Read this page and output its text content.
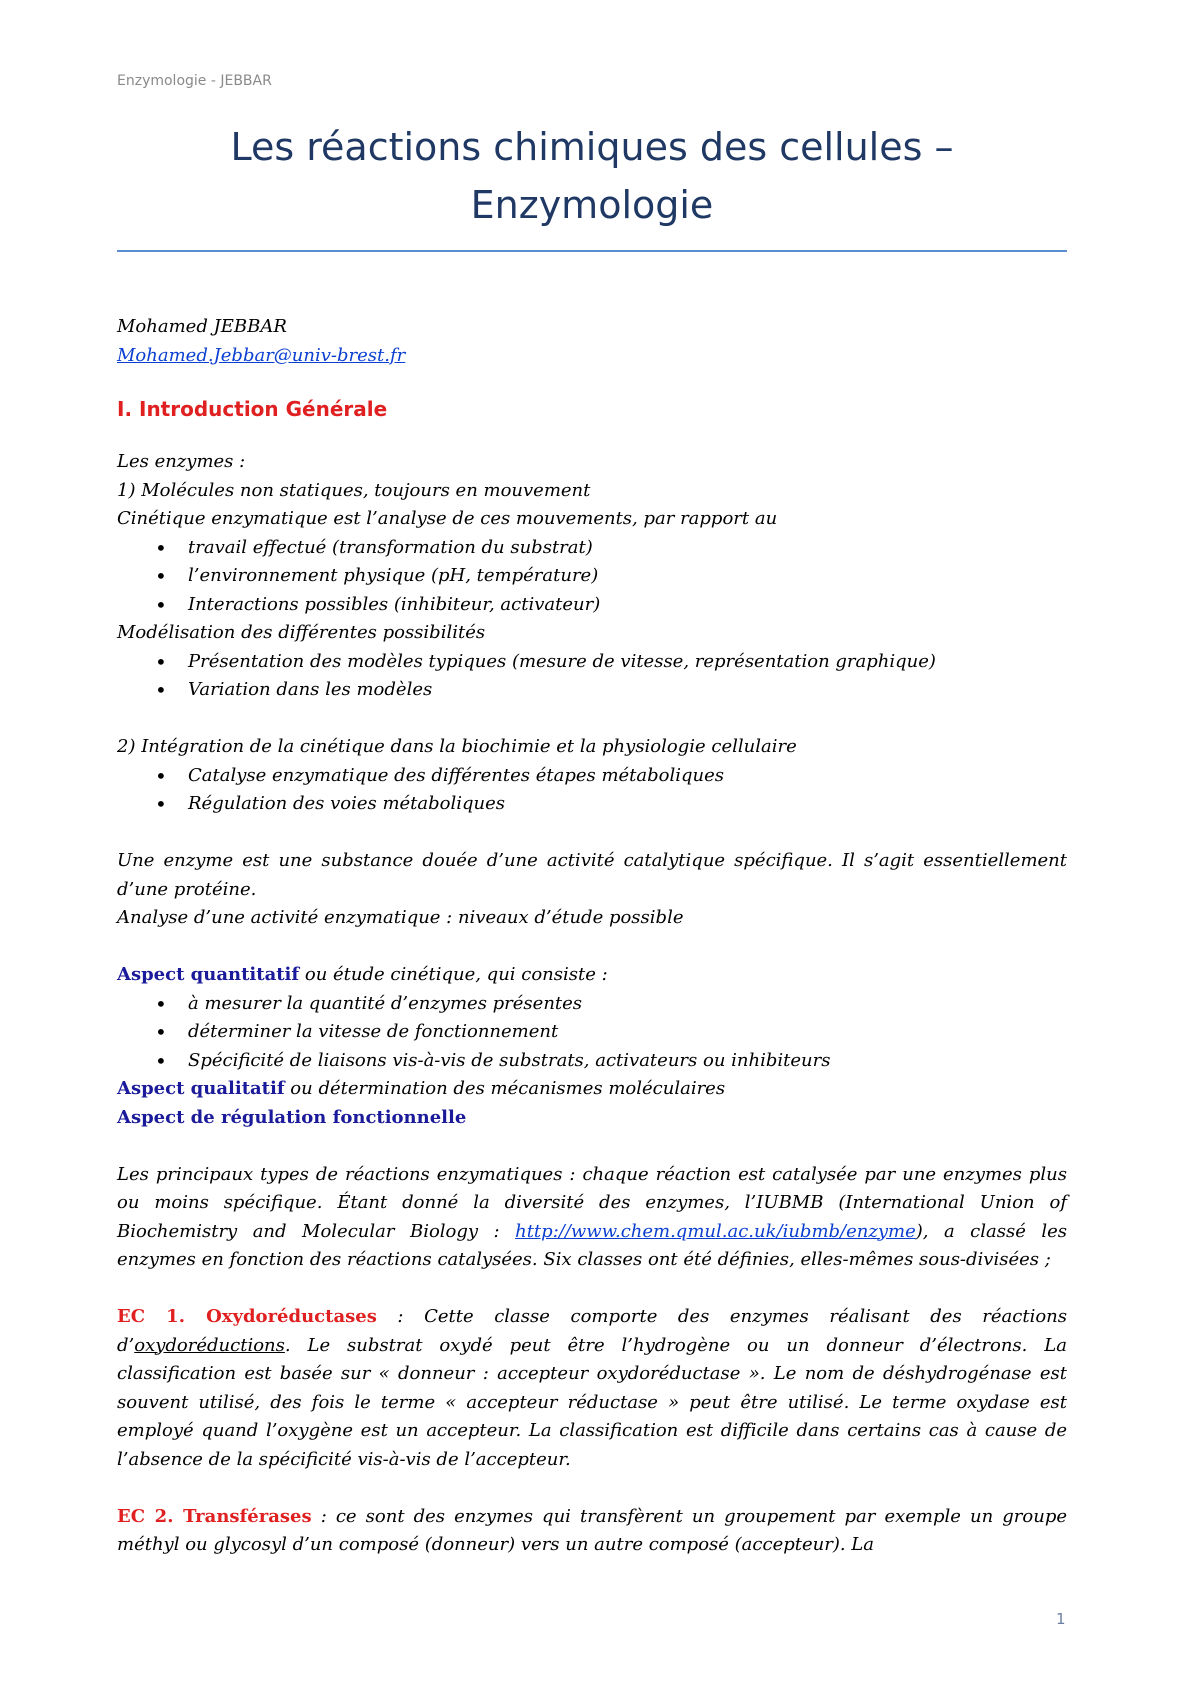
Enzymologie - JEBBAR
Les réactions chimiques des cellules –
Enzymologie

Mohamed JEBBAR

Mohamed.Jebbar@univ-brest.fr

I. Introduction Générale

Les enzymes :

1) Molécules non statiques, toujours en mouvement

Cinétique enzymatique est l’analyse de ces mouvements, par rapport au

• travail effectué (transformation du substrat)
• l’environnement physique (pH, température)
• Interactions possibles (inhibiteur, activateur)

Modélisation des différentes possibilités

• Présentation des modèles typiques (mesure de vitesse, représentation graphique)
• Variation dans les modèles

2) Intégration de la cinétique dans la biochimie et la physiologie cellulaire

• Catalyse enzymatique des différentes étapes métaboliques
• Régulation des voies métaboliques

Une enzyme est une substance douée d’une activité catalytique spécifique. Il s’agit essentiellement d’une protéine.

Analyse d’une activité enzymatique : niveaux d’étude possible

Aspect quantitatif ou étude cinétique, qui consiste :

• à mesurer la quantité d’enzymes présentes
• déterminer la vitesse de fonctionnement
• Spécificité de liaisons vis-à-vis de substrats, activateurs ou inhibiteurs

Aspect qualitatif ou détermination des mécanismes moléculaires

Aspect de régulation fonctionnelle

Les principaux types de réactions enzymatiques : chaque réaction est catalysée par une enzymes plus ou moins spécifique. Étant donné la diversité des enzymes, l’IUBMB (International Union of Biochemistry and Molecular Biology : http://www.chem.qmul.ac.uk/iubmb/enzyme), a classé les enzymes en fonction des réactions catalysées. Six classes ont été définies, elles-mêmes sous-divisées ;

EC 1. Oxydoréductases : Cette classe comporte des enzymes réalisant des réactions d’oxydoréductions. Le substrat oxydé peut être l’hydrogène ou un donneur d’électrons. La classification est basée sur « donneur : accepteur oxydoréductase ». Le nom de déshydrogénase est souvent utilisé, des fois le terme « accepteur réductase » peut être utilisé. Le terme oxydase est employé quand l’oxygène est un accepteur. La classification est difficile dans certains cas à cause de l’absence de la spécificité vis-à-vis de l’accepteur.

EC 2. Transférases : ce sont des enzymes qui transfèrent un groupement par exemple un groupe méthyl ou glycosyl d’un composé (donneur) vers un autre composé (accepteur). La

1
